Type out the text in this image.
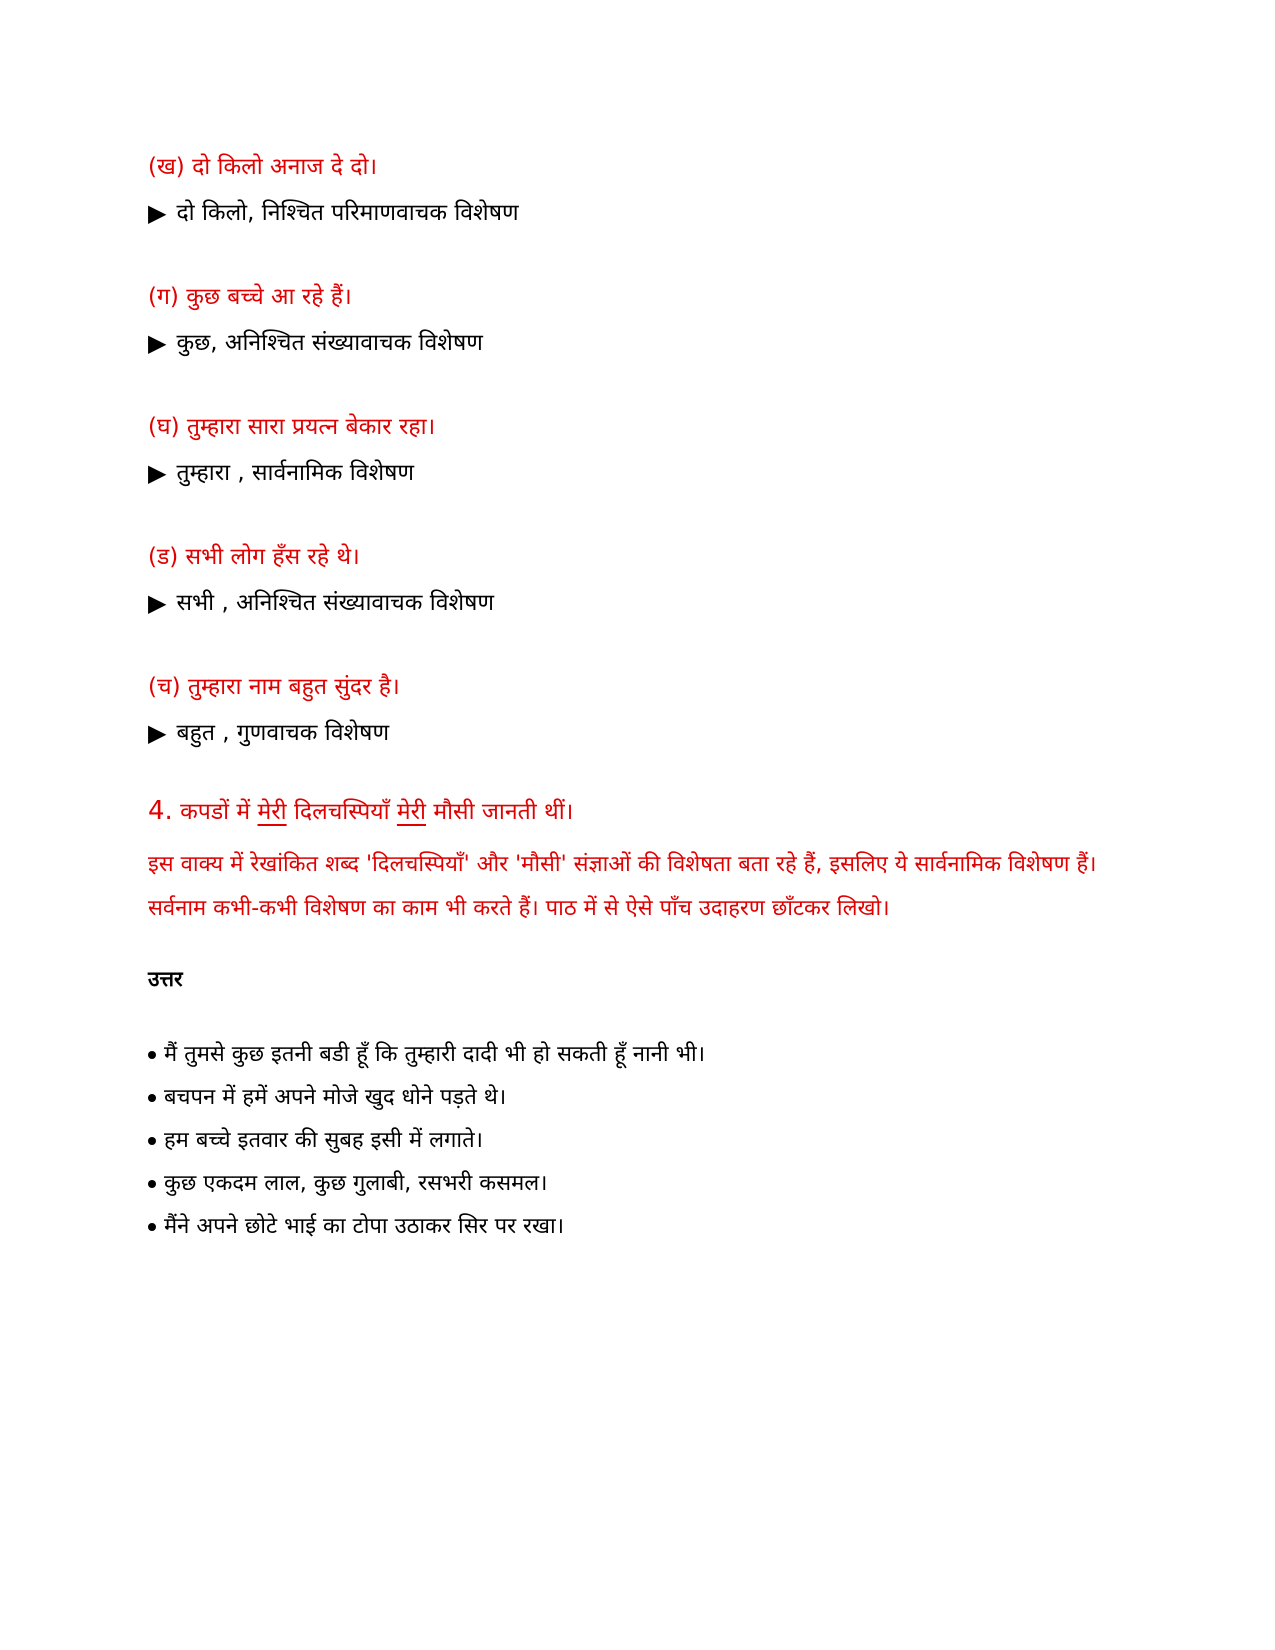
(ख) दो किलो अनाज दे दो।

▶ दो किलो, निश्चित परिमाणवाचक विशेषण

(ग) कुछ बच्चे आ रहे हैं।

▶ कुछ, अनिश्चित संख्यावाचक विशेषण

(घ) तुम्हारा सारा प्रयत्न बेकार रहा।

▶ तुम्हारा , सार्वनामिक विशेषण

(ड) सभी लोग हँस रहे थे।

▶ सभी , अनिश्चित संख्यावाचक विशेषण

(च) तुम्हारा नाम बहुत सुंदर है।

▶ बहुत , गुणवाचक विशेषण

4. कपडों में मेरी दिलचस्पियाँ मेरी मौसी जानती थीं।

इस वाक्य में रेखांकित शब्द 'दिलचस्पियाँ' और 'मौसी' संज्ञाओं की विशेषता बता रहे हैं, इसलिए ये सार्वनामिक विशेषण हैं। सर्वनाम कभी-कभी विशेषण का काम भी करते हैं। पाठ में से ऐसे पाँच उदाहरण छाँटकर लिखो।

उत्तर

मैं तुमसे कुछ इतनी बडी हूँ कि तुम्हारी दादी भी हो सकती हूँ नानी भी।
बचपन में हमें अपने मोजे खुद धोने पड़ते थे।
हम बच्चे इतवार की सुबह इसी में लगाते।
कुछ एकदम लाल, कुछ गुलाबी, रसभरी कसमल।
मैंने अपने छोटे भाई का टोपा उठाकर सिर पर रखा।
